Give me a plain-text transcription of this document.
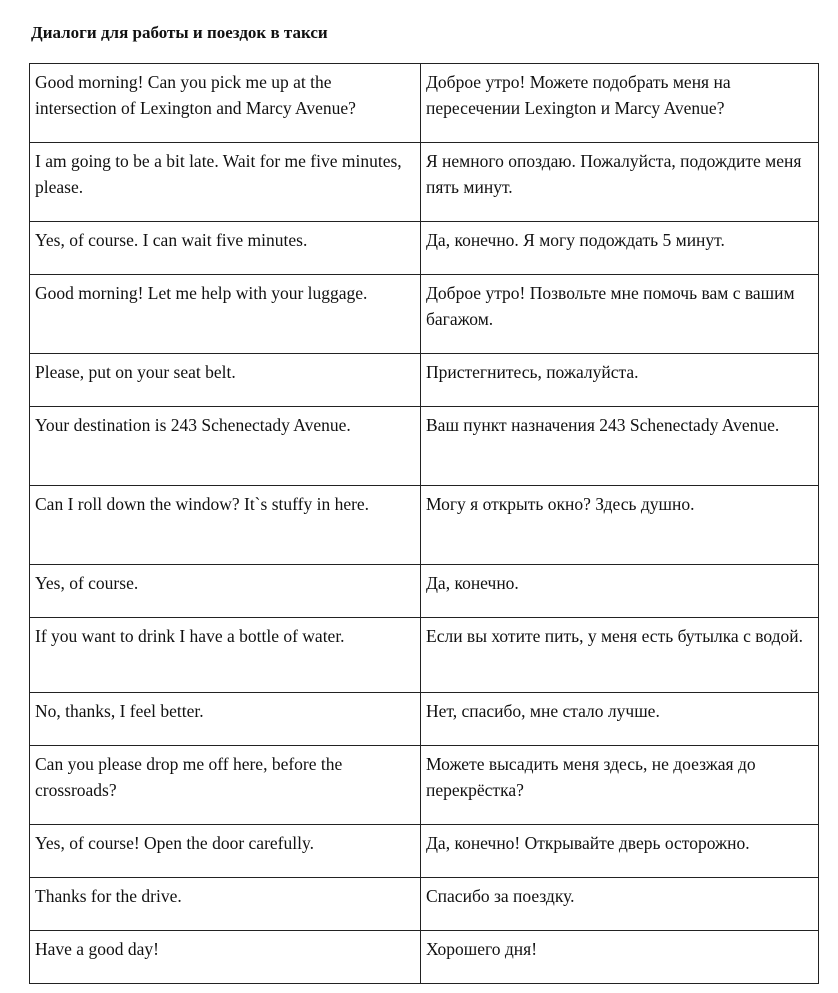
Диалоги для работы и поездок в такси
Good morning! Can you pick me up at the intersection of Lexington and Marcy Avenue?	Доброе утро! Можете подобрать меня на пересечении Lexington и Marcy Avenue?
I am going to be a bit late. Wait for me five minutes, please.	Я немного опоздаю. Пожалуйста, подождите меня пять минут.
Yes, of course. I can wait five minutes.	Да, конечно. Я могу подождать 5 минут.
Good morning! Let me help with your luggage.	Доброе утро! Позвольте мне помочь вам с вашим багажом.
Please, put on your seat belt.	Пристегнитесь, пожалуйста.
Your destination is 243 Schenectady Avenue.	Ваш пункт назначения 243 Schenectady Avenue.
Can I roll down the window? It`s stuffy in here.	Могу я открыть окно? Здесь душно.
Yes, of course.	Да, конечно.
If you want to drink I have a bottle of water.	Если вы хотите пить, у меня есть бутылка с водой.
No, thanks, I feel better.	Нет, спасибо, мне стало лучше.
Can you please drop me off here, before the crossroads?	Можете высадить меня здесь, не доезжая до перекрёстка?
Yes, of course! Open the door carefully.	Да, конечно! Открывайте дверь осторожно.
Thanks for the drive.	Спасибо за поездку.
Have a good day!	Хорошего дня!
